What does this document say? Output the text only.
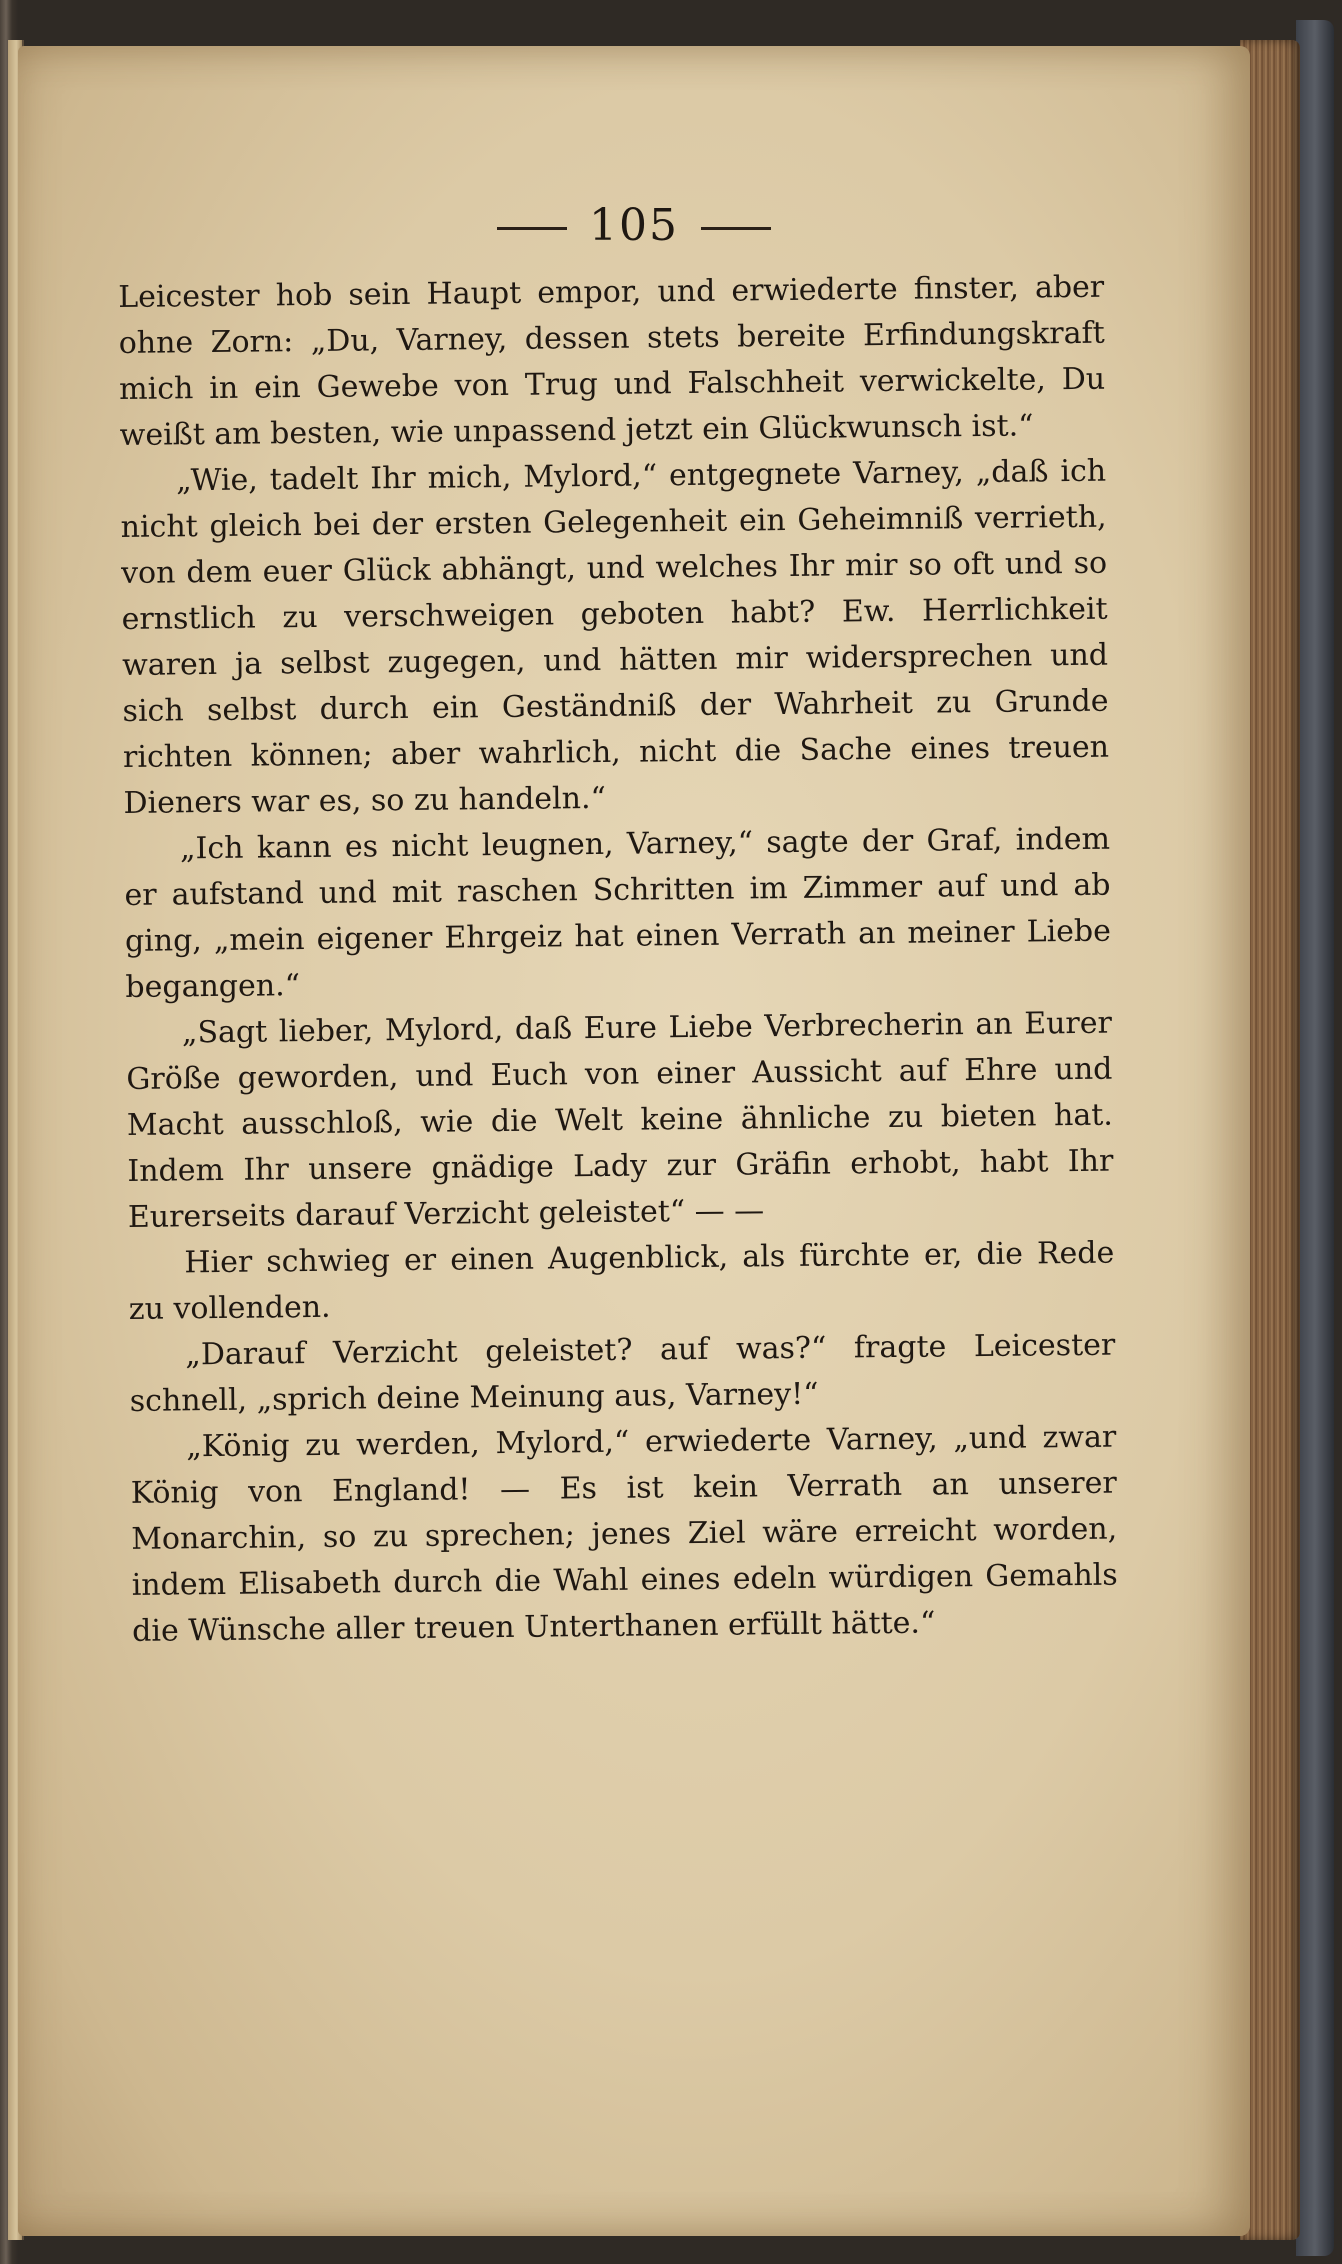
105

Leicester hob sein Haupt empor, und erwiederte finster, aber ohne Zorn: „Du, Varney, dessen stets bereite Erfindungskraft mich in ein Gewebe von Trug und Falschheit verwickelte, Du weißt am besten, wie unpassend jetzt ein Glückwunsch ist.“

„Wie, tadelt Ihr mich, Mylord,“ entgegnete Varney, „daß ich nicht gleich bei der ersten Gelegenheit ein Geheimniß verrieth, von dem euer Glück abhängt, und welches Ihr mir so oft und so ernstlich zu verschweigen geboten habt? Ew. Herrlichkeit waren ja selbst zugegen, und hätten mir widersprechen und sich selbst durch ein Geständniß der Wahrheit zu Grunde richten können; aber wahrlich, nicht die Sache eines treuen Dieners war es, so zu handeln.“

„Ich kann es nicht leugnen, Varney,“ sagte der Graf, indem er aufstand und mit raschen Schritten im Zimmer auf und ab ging, „mein eigener Ehrgeiz hat einen Verrath an meiner Liebe begangen.“

„Sagt lieber, Mylord, daß Eure Liebe Verbrecherin an Eurer Größe geworden, und Euch von einer Aussicht auf Ehre und Macht ausschloß, wie die Welt keine ähnliche zu bieten hat. Indem Ihr unsere gnädige Lady zur Gräfin erhobt, habt Ihr Eurerseits darauf Verzicht geleistet“ — —

Hier schwieg er einen Augenblick, als fürchte er, die Rede zu vollenden.

„Darauf Verzicht geleistet? auf was?“ fragte Leicester schnell, „sprich deine Meinung aus, Varney!“

„König zu werden, Mylord,“ erwiederte Varney, „und zwar König von England! — Es ist kein Verrath an unserer Monarchin, so zu sprechen; jenes Ziel wäre erreicht worden, indem Elisabeth durch die Wahl eines edeln würdigen Gemahls die Wünsche aller treuen Unterthanen erfüllt hätte.“
